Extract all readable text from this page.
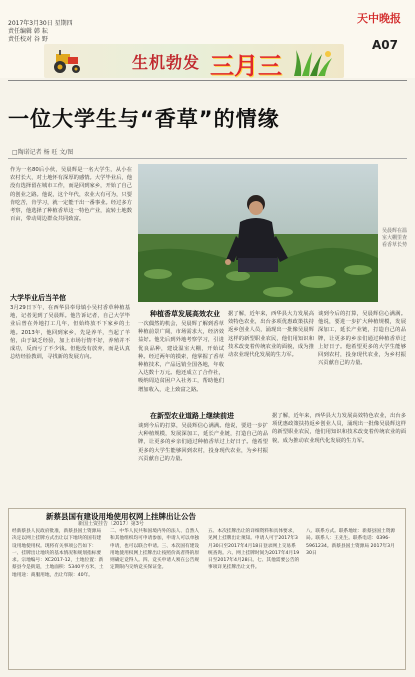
2017年3月30日 星期四
责任编辑 韩 耘
责任校对 谷 野
生机勃发 三月三
天中晚报
A07
一位大学生与“香草”的情缘
□陶诺记者 杨 旺 文/图
作为一名80后小伙，吴晨辉是一名大学生，从小在农村长大，对土地怀有深厚的感情。大学毕业后，他没有选择留在城市工作，而是回到家乡，开始了自己的创业之路。他说，这个年代，农业大有可为，只要肯吃苦，肯学习，就一定能干出一番事业。经过多方考察，他选择了种植香草这一特色产业，流转土地数百亩，带动周边群众共同致富。
吴晨辉在温室大棚里查看香草长势
大学毕业后当羊倌
3月29日下午，在西华县奉母镇小吴村香草种植基地，记者见到了吴晨辉。他告诉记者，自己大学毕业后曾在外地打工几年，但始终放不下家乡的土地。2013年，他回到家乡，先是养羊，当起了羊倌，由于缺乏经验，加上市场行情不好，养殖并不成功，反而亏了不少钱。但他没有放弃，而是认真总结经验教训，寻找新的发展方向。
种植香草发展高效农业
一次偶然的机会，吴晨辉了解到香草种植前景广阔，市场需求大，经济效益好。他先后到外地考察学习，引进优良品种，建设温室大棚，开始试种。经过两年的摸索，他掌握了香草种植技术，产品远销全国各地，年收入达数十万元。他还成立了合作社，吸纳周边贫困户入社务工，帮助他们增加收入，走上致富之路。
据了解，近年来，西华县大力发展高效特色农业，出台多项优惠政策扶持返乡创业人员，涌现出一批像吴晨辉这样的新型职业农民，他们用知识和技术改变着传统农业的面貌，成为推动农业现代化发展的生力军。
谈到今后的打算，吴晨辉信心满满。他说，要进一步扩大种植规模，发展深加工，延长产业链，打造自己的品牌，让更多的乡亲们通过种植香草过上好日子。他希望更多的大学生能够回到农村，投身现代农业，为乡村振兴贡献自己的力量。
在新型农业道路上继续前进
谈到今后的打算，吴晨辉信心满满。他说，要进一步扩大种植规模，发展深加工，延长产业链，打造自己的品牌，让更多的乡亲们通过种植香草过上好日子。他希望更多的大学生能够回到农村，投身现代农业，为乡村振兴贡献自己的力量。
据了解，近年来，西华县大力发展高效特色农业，出台多项优惠政策扶持返乡创业人员，涌现出一批像吴晨辉这样的新型职业农民，他们用知识和技术改变着传统农业的面貌，成为推动农业现代化发展的生力军。
新蔡县国有建设用地使用权网上挂牌出让公告
新国土资挂告〔2017〕第3号
经新蔡县人民政府批准，新蔡县国土资源局决定以网上挂牌方式出让以下地块的国有建设用地使用权。现将有关事项公告如下：一、挂牌出让地块的基本情况和规划指标要求。宗地编号：XC2017-12，土地位置：新蔡县今是街道，土地面积：5340平方米，土地用途：商服用地，出让年限：40年。
二、中华人民共和国境内外的法人、自然人和其他组织均可申请参加，申请人可以单独申请，也可以联合申请。三、本次国有建设用地使用权网上挂牌出让按照价高者得的原则确定竞得人。四、竞买申请人须在公告规定期限内交纳竞买保证金。
五、本次挂牌出让的详细资料和具体要求，见网上挂牌出让须知。申请人可于2017年3月30日至2017年4月18日登录网上交易系统查询。六、网上挂牌时间为2017年4月19日至2017年4月28日。七、其他需要公告的事项详见挂牌出让文件。
八、联系方式。联系地址：新蔡县国土资源局。联系人：王先生。联系电话：0396-5961234。新蔡县国土资源局 2017年3月30日
